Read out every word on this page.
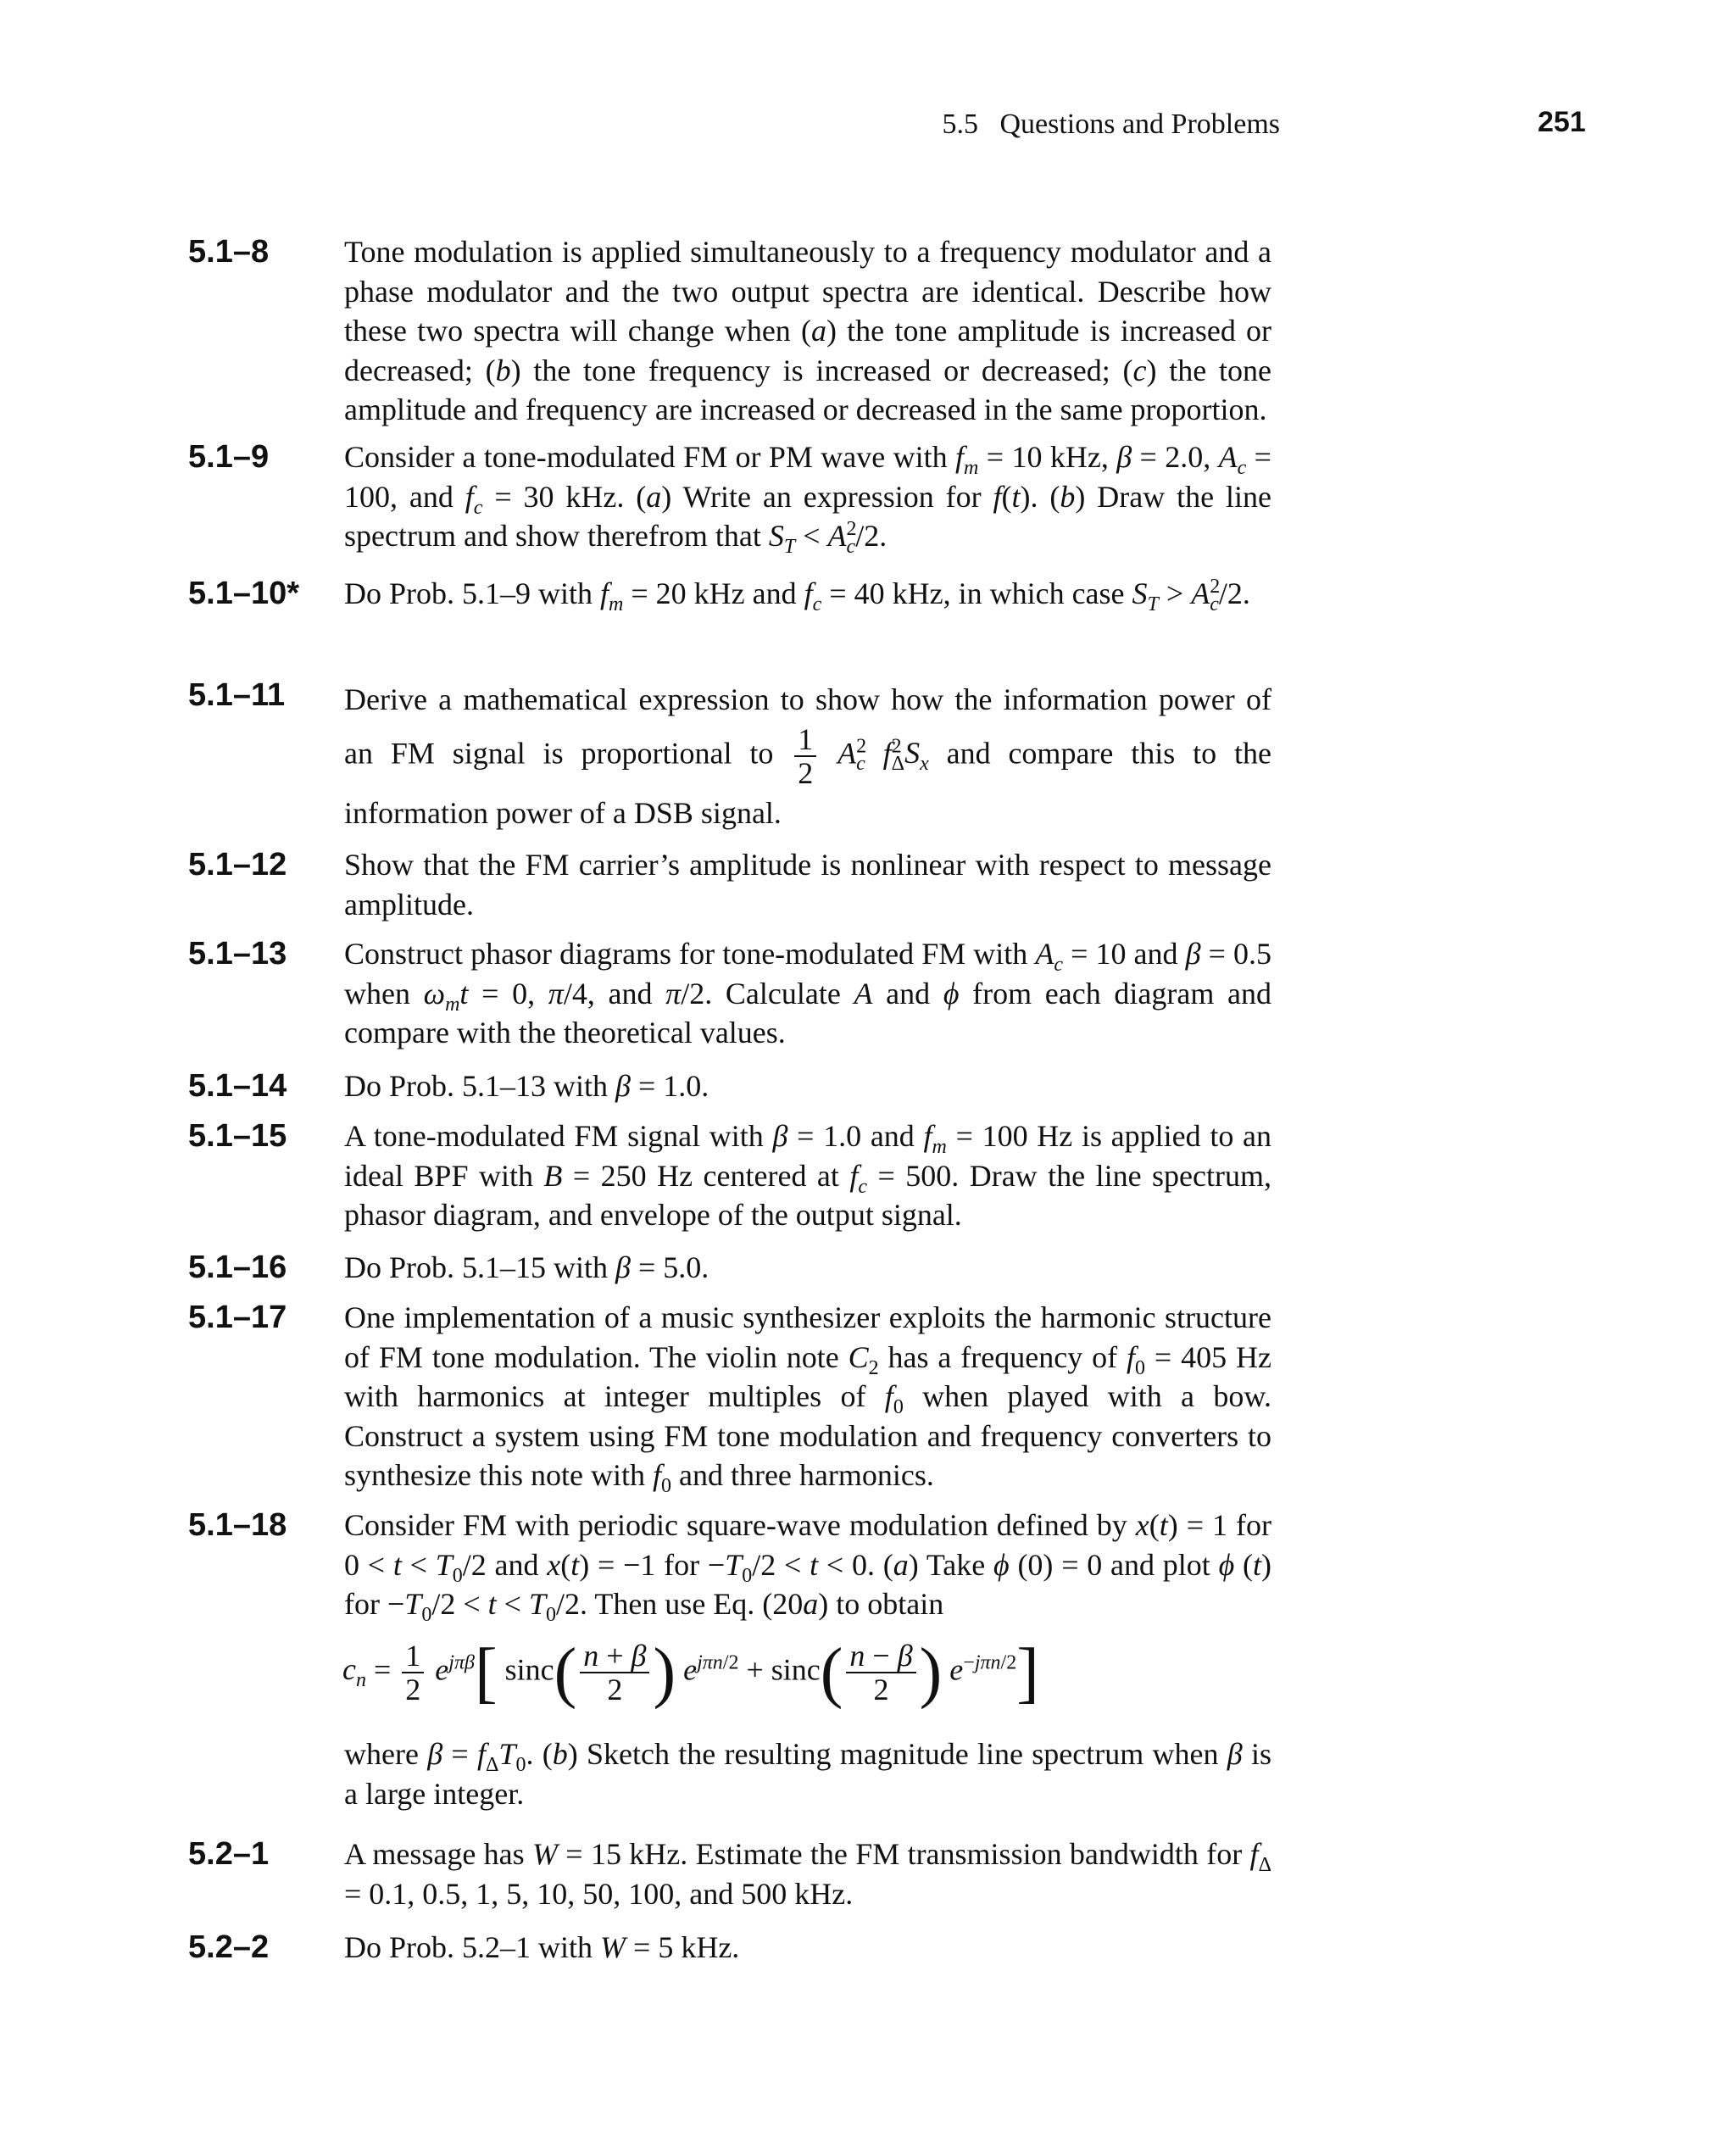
5.5   Questions and Problems	251
5.1–8 Tone modulation is applied simultaneously to a frequency modulator and a phase modulator and the two output spectra are identical. Describe how these two spectra will change when (a) the tone amplitude is increased or decreased; (b) the tone frequency is increased or decreased; (c) the tone amplitude and frequency are increased or decreased in the same proportion.
5.1–9 Consider a tone-modulated FM or PM wave with $f_m = 10$ kHz, β = 2.0, $A_c = 100$, and $f_c = 30$ kHz. (a) Write an expression for f(t). (b) Draw the line spectrum and show therefrom that $S_T < A^2_c/2$.
5.1–10* Do Prob. 5.1–9 with $f_m = 20$ kHz and $f_c = 40$ kHz, in which case $S_T > A^2_c/2$.
5.1–11 Derive a mathematical expression to show how the information power of an FM signal is proportional to $\frac{1}{2} A^2_c$ $f^2_\Delta S_x$ and compare this to the information power of a DSB signal.
5.1–12 Show that the FM carrier’s amplitude is nonlinear with respect to message amplitude.
5.1–13 Construct phasor diagrams for tone-modulated FM with $A_c = 10$ and β = 0.5 when $\omega_mt = 0$, π/4, and π/2. Calculate A and ϕ from each diagram and compare with the theoretical values.
5.1–14 Do Prob. 5.1–13 with β = 1.0.
5.1–15 A tone-modulated FM signal with β = 1.0 and $f_m = 100$ Hz is applied to an ideal BPF with B = 250 Hz centered at $f_c = 500$. Draw the line spectrum, phasor diagram, and envelope of the output signal.
5.1–16 Do Prob. 5.1–15 with β = 5.0.
5.1–17 One implementation of a music synthesizer exploits the harmonic structure of FM tone modulation. The violin note $C_2$ has a frequency of $f_0 = 405$ Hz with harmonics at integer multiples of $f_0$ when played with a bow. Construct a system using FM tone modulation and frequency converters to synthesize this note with $f_0$ and three harmonics.
5.1–18 Consider FM with periodic square-wave modulation defined by x(t) = 1 for $0 < t < T_0/2$ and x(t) = −1 for $-T_0/2 < t < 0$. (a) Take ϕ (0) = 0 and plot ϕ (t) for $-T_0/2 < t < T_0/2$. Then use Eq. (20a) to obtain
$c_n = \frac{1}{2} e^{j\pi\beta}$[ $\sin c( \frac{n + \beta}{2}$ ) $e^{j\pi n/2} + \sin c( \frac{n - \beta}{2}$ ) $e^{-j\pi n/2}$]
where $\beta = f_\Delta T_0$. (b) Sketch the resulting magnitude line spectrum when β is a large integer.
5.2–1 A message has W = 15 kHz. Estimate the FM transmission bandwidth for $f_\Delta = 0.1$, 0.5, 1, 5, 10, 50, 100, and 500 kHz.
5.2–2 Do Prob. 5.2–1 with W = 5 kHz.
